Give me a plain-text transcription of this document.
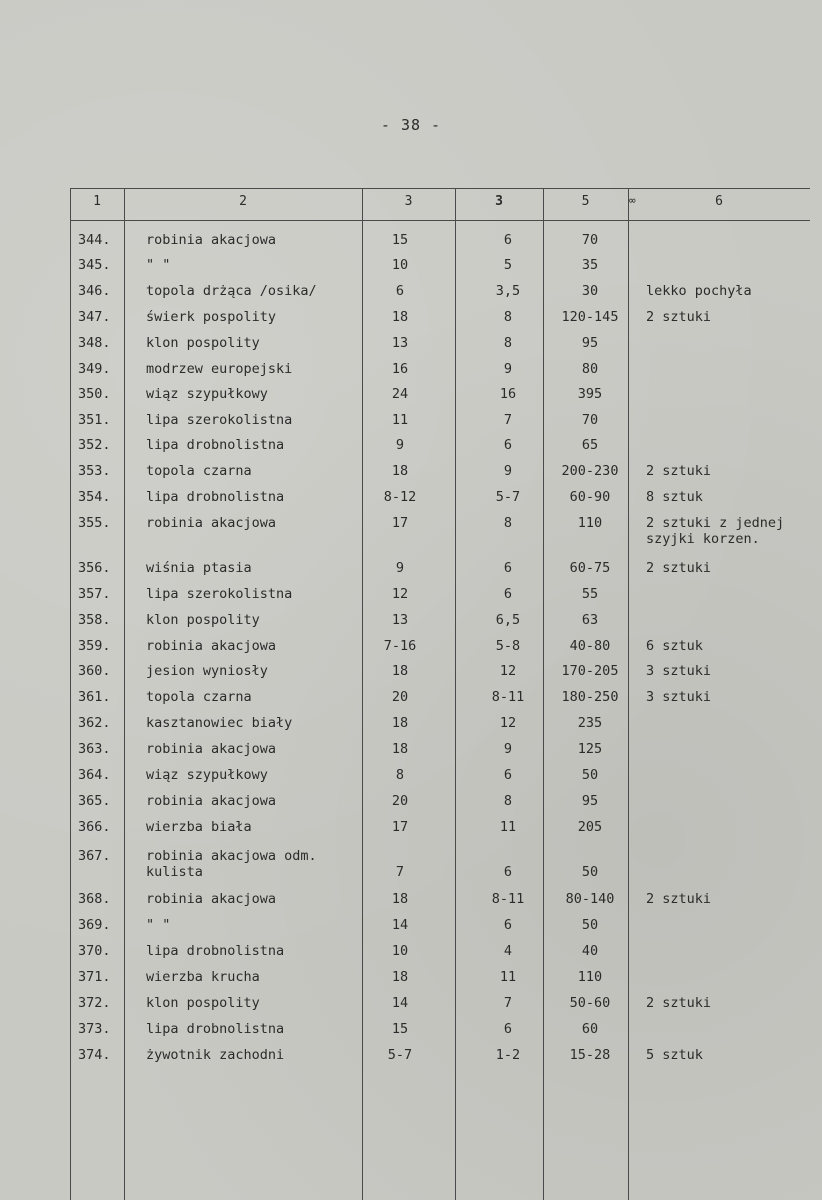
- 38 -
1	2	3	3	5	6
∞
344.	robinia akacjowa	15	6	70
345.	" "	10	5	35
346.	topola drżąca /osika/	6	3,5	30	lekko pochyła
347.	świerk pospolity	18	8	120-145	2 sztuki
348.	klon pospolity	13	8	95
349.	modrzew europejski	16	9	80
350.	wiąz szypułkowy	24	16	395
351.	lipa szerokolistna	11	7	70
352.	lipa drobnolistna	9	6	65
353.	topola czarna	18	9	200-230	2 sztuki
354.	lipa drobnolistna	8-12	5-7	60-90	8 sztuk
355.	robinia akacjowa	17	8	110	2 sztuki z jednej
szyjki korzen.
356.	wiśnia ptasia	9	6	60-75	2 sztuki
357.	lipa szerokolistna	12	6	55
358.	klon pospolity	13	6,5	63
359.	robinia akacjowa	7-16	5-8	40-80	6 sztuk
360.	jesion wyniosły	18	12	170-205	3 sztuki
361.	topola czarna	20	8-11	180-250	3 sztuki
362.	kasztanowiec biały	18	12	235
363.	robinia akacjowa	18	9	125
364.	wiąz szypułkowy	8	6	50
365.	robinia akacjowa	20	8	95
366.	wierzba biała	17	11	205
367.	robinia akacjowa odm.
kulista	7	6	50
368.	robinia akacjowa	18	8-11	80-140	2 sztuki
369.	" "	14	6	50
370.	lipa drobnolistna	10	4	40
371.	wierzba krucha	18	11	110
372.	klon pospolity	14	7	50-60	2 sztuki
373.	lipa drobnolistna	15	6	60
374.	żywotnik zachodni	5-7	1-2	15-28	5 sztuk
